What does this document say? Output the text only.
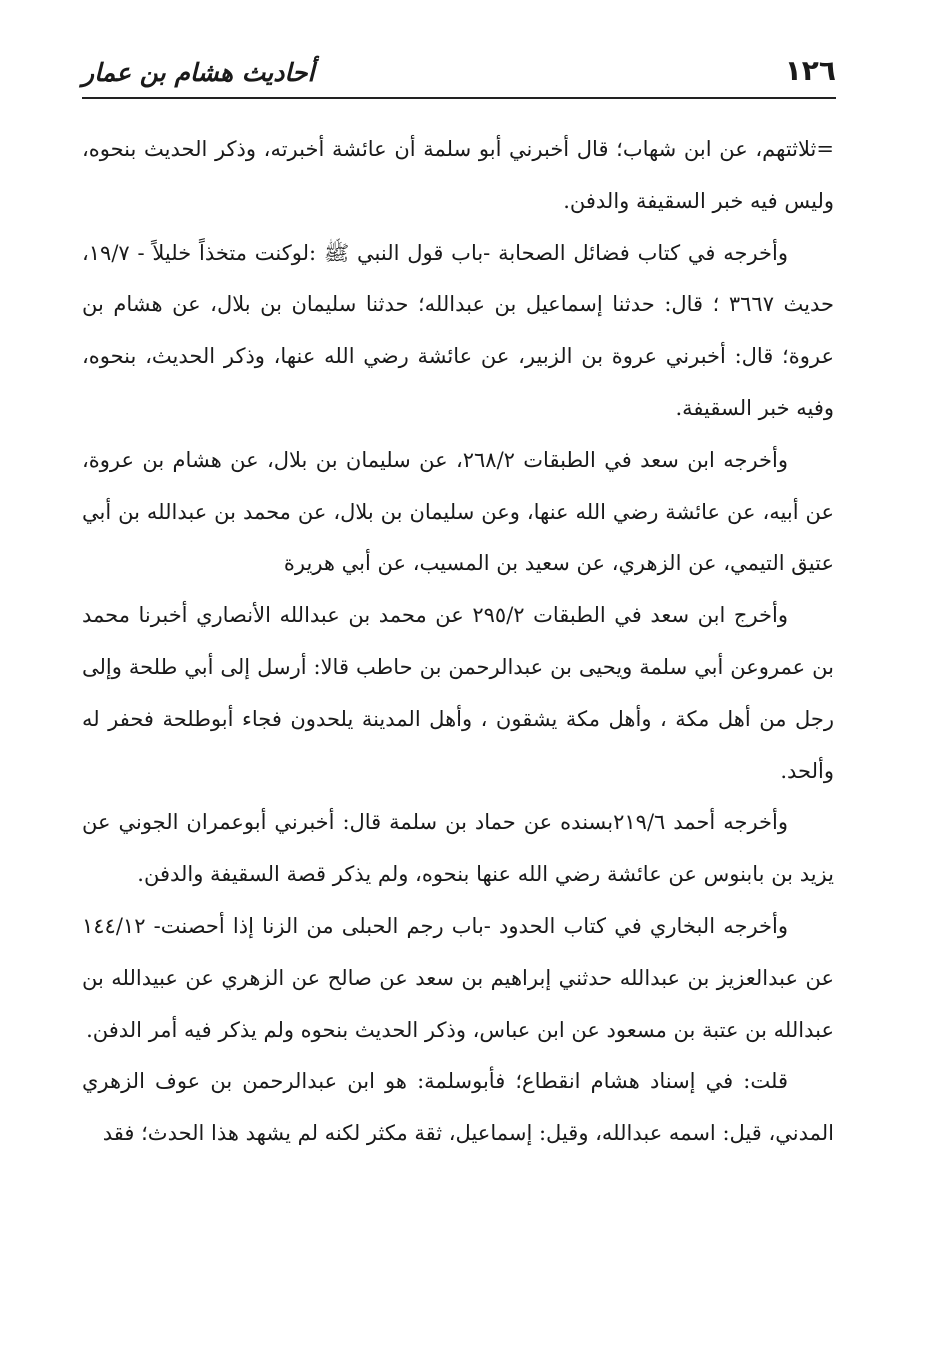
١٢٦
أحاديث هشام بن عمار

=ثلاثتهم، عن ابن شهاب؛ قال أخبرني أبو سلمة أن عائشة أخبرته، وذكر الحديث بنحوه، وليس فيه خبر السقيفة والدفن.

وأخرجه في كتاب فضائل الصحابة -باب قول النبي ﷺ :لوكنت متخذاً خليلاً - ١٩/٧، حديث ٣٦٦٧ ؛ قال: حدثنا إسماعيل بن عبدالله؛ حدثنا سليمان بن بلال، عن هشام بن عروة؛ قال: أخبرني عروة بن الزبير، عن عائشة رضي الله عنها، وذكر الحديث، بنحوه، وفيه خبر السقيفة.

وأخرجه ابن سعد في الطبقات ٢٦٨/٢، عن سليمان بن بلال، عن هشام بن عروة، عن أبيه، عن عائشة رضي الله عنها، وعن سليمان بن بلال، عن محمد بن عبدالله بن أبي عتيق التيمي، عن الزهري، عن سعيد بن المسيب، عن أبي هريرة

وأخرج ابن سعد في الطبقات ٢٩٥/٢ عن محمد بن عبدالله الأنصاري أخبرنا محمد بن عمروعن أبي سلمة ويحيى بن عبدالرحمن بن حاطب قالا: أرسل إلى أبي طلحة وإلى رجل من أهل مكة ، وأهل مكة يشقون ، وأهل المدينة يلحدون فجاء أبوطلحة فحفر له وألحد.

وأخرجه أحمد ٢١٩/٦بسنده عن حماد بن سلمة قال: أخبرني أبوعمران الجوني عن يزيد بن بابنوس عن عائشة رضي الله عنها بنحوه، ولم يذكر قصة السقيفة والدفن.

وأخرجه البخاري في كتاب الحدود -باب رجم الحبلى من الزنا إذا أحصنت- ١٤٤/١٢ عن عبدالعزيز بن عبدالله حدثني إبراهيم بن سعد عن صالح عن الزهري عن عبيدالله بن عبدالله بن عتبة بن مسعود عن ابن عباس، وذكر الحديث بنحوه ولم يذكر فيه أمر الدفن.

قلت: في إسناد هشام انقطاع؛ فأبوسلمة: هو ابن عبدالرحمن بن عوف الزهري المدني، قيل: اسمه عبدالله، وقيل: إسماعيل، ثقة مكثر لكنه لم يشهد هذا الحدث؛ فقد
